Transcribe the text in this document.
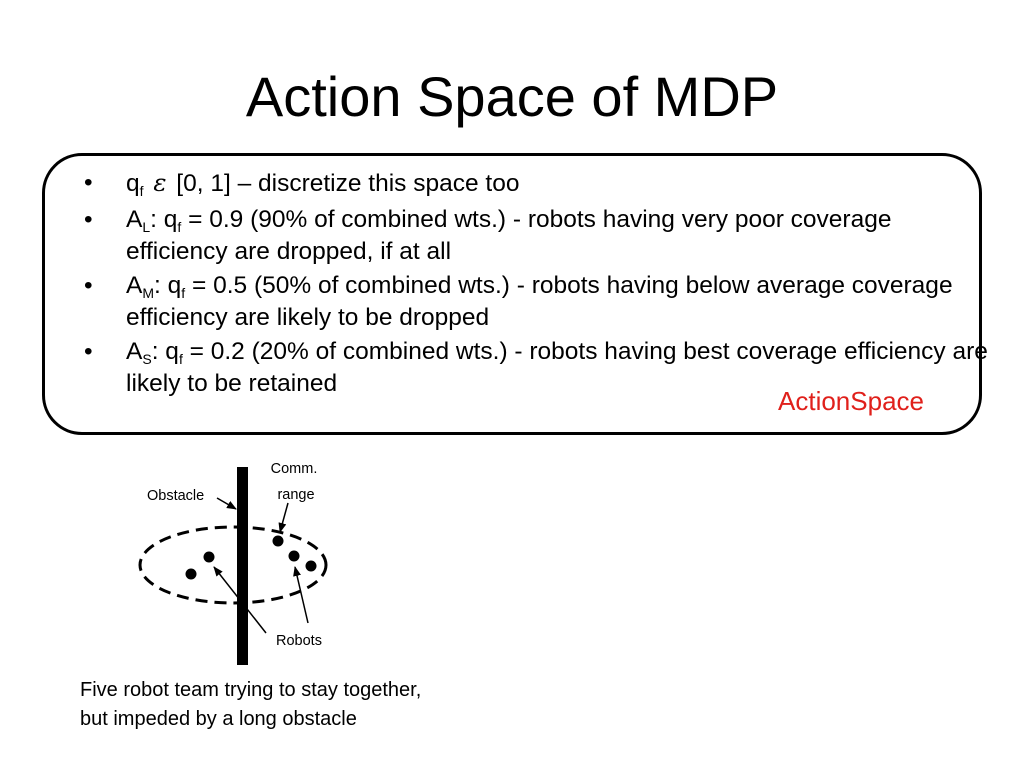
Action Space of MDP
• $q_f$ ε [0, 1] – discretize this space too
• $A_L$: $q_f = 0.9$ (90% of combined wts.) - robots having very poor coverage efficiency are dropped, if at all
• $A_M$: $q_f = 0.5$ (50% of combined wts.) - robots having below average coverage efficiency are likely to be dropped
• $A_S$: $q_f = 0.2$ (20% of combined wts.) - robots having best coverage efficiency are likely to be retained
ActionSpace
Obstacle
Comm.
range
Robots
Five robot team trying to stay together, but impeded by a long obstacle
